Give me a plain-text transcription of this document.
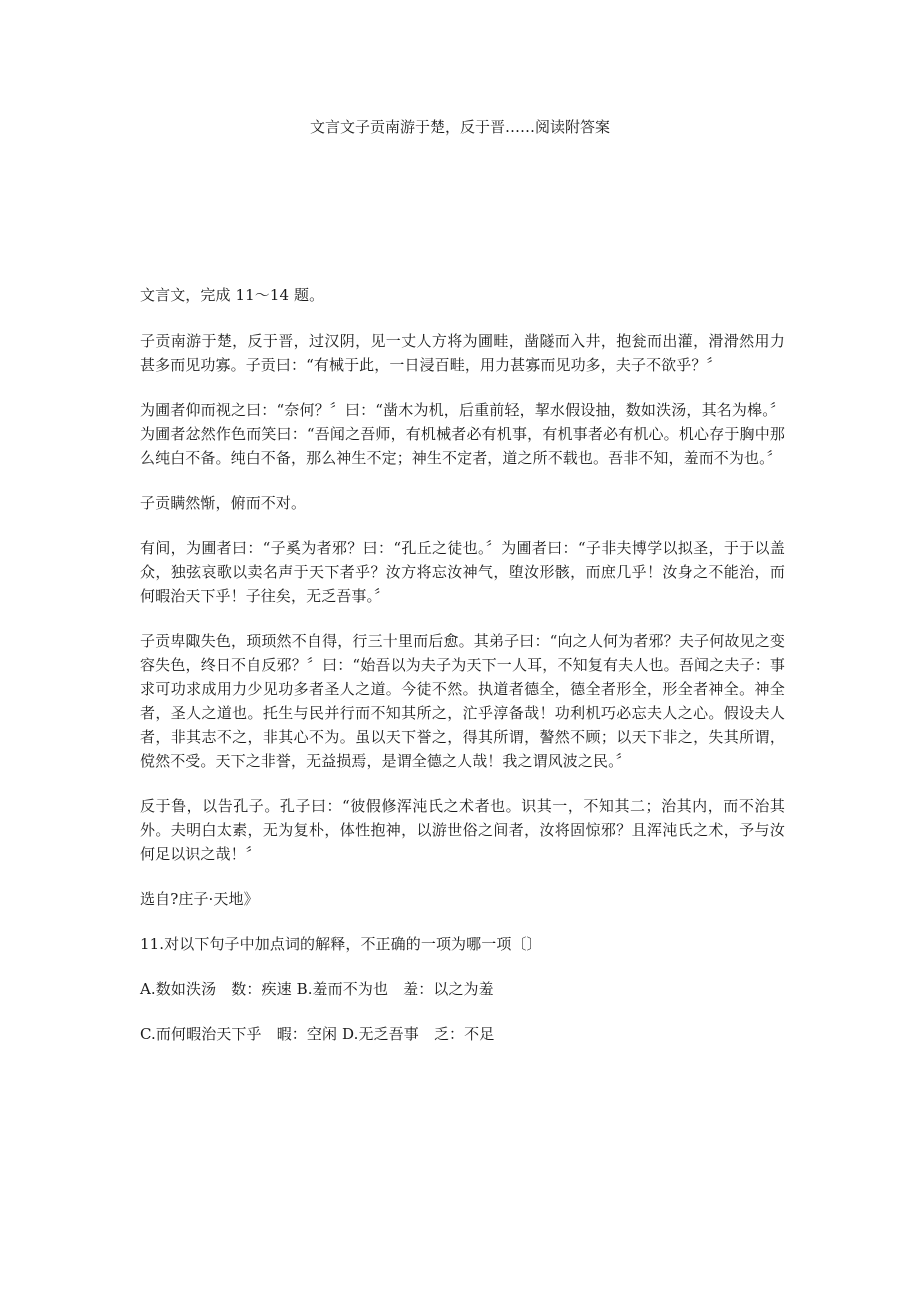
文言文子贡南游于楚，反于晋……阅读附答案

文言文，完成 11～14 题。

子贡南游于楚，反于晋，过汉阴，见一丈人方将为圃畦，凿隧而入井，抱瓮而出灌，滑滑然用力甚多而见功寡。子贡曰：“有械于此，一日浸百畦，用力甚寡而见功多，夫子不欲乎？〞

为圃者仰而视之曰：“奈何？〞曰：“凿木为机，后重前轻，挈水假设抽，数如泆汤，其名为槔。〞为圃者忿然作色而笑曰：“吾闻之吾师，有机械者必有机事，有机事者必有机心。机心存于胸中那么纯白不备。纯白不备，那么神生不定；神生不定者，道之所不载也。吾非不知，羞而不为也。〞

子贡瞒然惭，俯而不对。

有间，为圃者曰：“子奚为者邪？曰：“孔丘之徒也。〞为圃者曰：“子非夫博学以拟圣，于于以盖众，独弦哀歌以卖名声于天下者乎？汝方将忘汝神气，堕汝形骸，而庶几乎！汝身之不能治，而何暇治天下乎！子往矣，无乏吾事。〞

子贡卑陬失色，顼顼然不自得，行三十里而后愈。其弟子曰：“向之人何为者邪？夫子何故见之变容失色，终日不自反邪？〞曰：“始吾以为夫子为天下一人耳，不知复有夫人也。吾闻之夫子：事求可功求成用力少见功多者圣人之道。今徒不然。执道者德全，德全者形全，形全者神全。神全者，圣人之道也。托生与民并行而不知其所之，汒乎淳备哉！功利机巧必忘夫人之心。假设夫人者，非其志不之，非其心不为。虽以天下誉之，得其所谓，謷然不顾；以天下非之，失其所谓，傥然不受。天下之非誉，无益损焉，是谓全德之人哉！我之谓风波之民。〞

反于鲁，以告孔子。孔子曰：“彼假修浑沌氏之术者也。识其一，不知其二；治其内，而不治其外。夫明白太素，无为复朴，体性抱神，以游世俗之间者，汝将固惊邪？且浑沌氏之术，予与汝何足以识之哉！〞

选自?庄子·天地》

11.对以下句子中加点词的解释，不正确的一项为哪一项〔〕

A.数如泆汤　数：疾速 B.羞而不为也　羞：以之为羞

C.而何暇治天下乎　暇：空闲 D.无乏吾事　乏：不足
